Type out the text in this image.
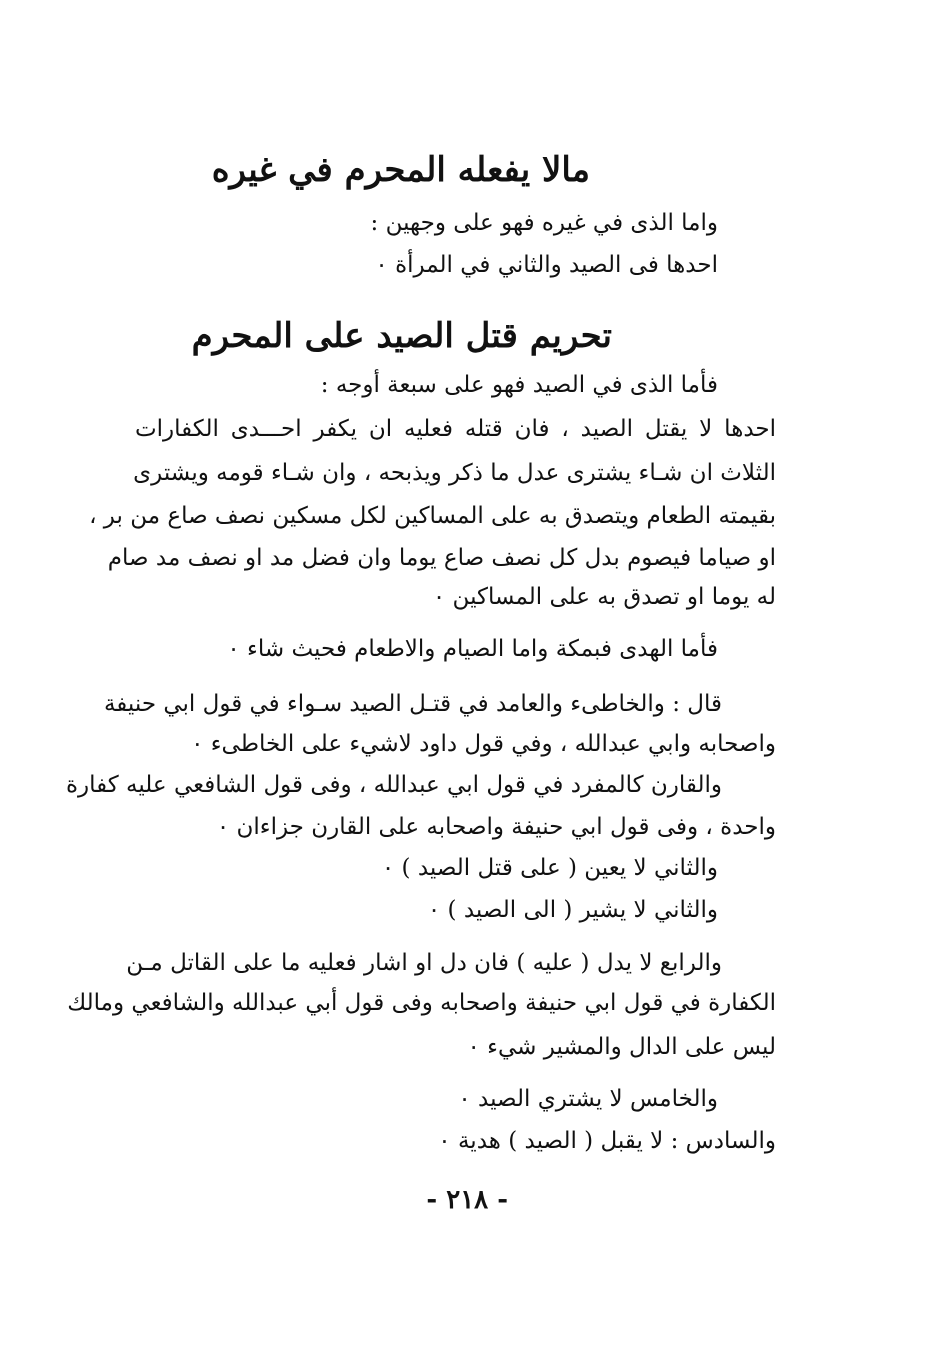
مالا يفعله المحرم في غيره
واما الذى في غيره فهو على وجهين :
احدها فى الصيد والثاني في المرأة ٠
تحريم قتل الصيد على المحرم
فأما الذى في الصيد فهو على سبعة أوجه :
احدها لا يقتل الصيد ، فان قتله فعليه ان يكفر احـــدى الكفارات
الثلاث ان شـاء يشترى عدل ما ذكر ويذبحه ، وان شـاء قومه ويشترى
بقيمته الطعام ويتصدق به على المساكين لكل مسكين نصف صاع من بر ،
او صياما فيصوم بدل كل نصف صاع يوما وان فضل مد او نصف مد صام
له يوما او تصدق به على المساكين ٠
فأما الهدى فبمكة واما الصيام والاطعام فحيث شاء ٠
قال : والخاطىء والعامد في قتـل الصيد سـواء في قول ابي حنيفة
واصحابه وابي عبدالله ، وفي قول داود لاشيء على الخاطىء ٠
والقارن كالمفرد في قول ابي عبدالله ، وفى قول الشافعي عليه كفارة
واحدة ، وفى قول ابي حنيفة واصحابه على القارن جزاءان ٠
والثاني لا يعين ( على قتل الصيد ) ٠
والثاني لا يشير ( الى الصيد ) ٠
والرابع لا يدل ( عليه ) فان دل او اشار فعليه ما على القاتل مـن
الكفارة في قول ابي حنيفة واصحابه وفى قول أبي عبدالله والشافعي ومالك
ليس على الدال والمشير شيء ٠
والخامس لا يشتري الصيد ٠
والسادس : لا يقبل ( الصيد ) هدية ٠
- ٢١٨ -
